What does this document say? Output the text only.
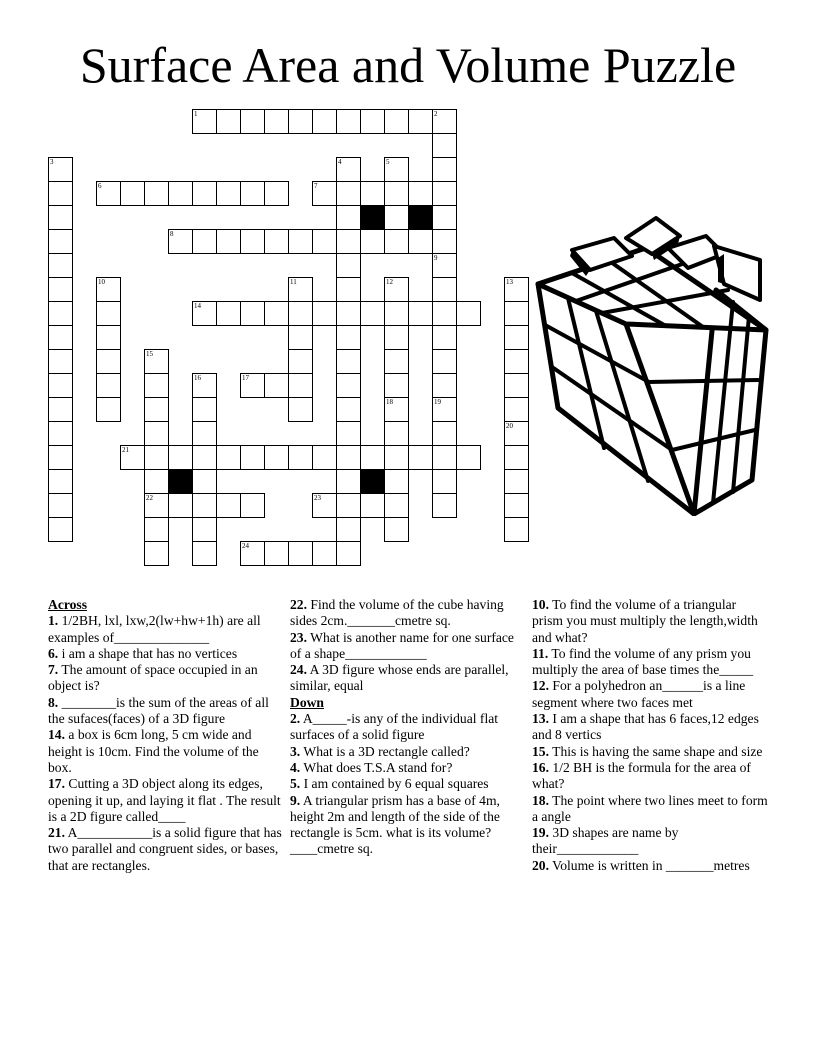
Surface Area and Volume Puzzle
1	2
3	4	5
6	7
8
9
19
10	11	12
18
13
14
15
22
16	17
20
21
23
24
Across
1. 1/2BH, lxl, lxw,2(lw+hw+1h) are all examples of______________
6. i am a shape that has no vertices
7. The amount of space occupied in an object is?
8. ________is the sum of the areas of all the sufaces(faces) of a 3D figure
14. a box is 6cm long, 5 cm wide and height is 10cm. Find the volume of the box.
17. Cutting a 3D object along its edges, opening it up, and laying it flat . The result is a 2D figure called____
21. A___________is a solid figure that has two parallel and congruent sides, or bases, that are rectangles.
22. Find the volume of the cube having sides 2cm._______cmetre sq.
23. What is another name for one surface of a shape____________
24. A 3D figure whose ends are parallel, similar, equal
Down
2. A_____-is any of the individual flat surfaces of a solid figure
3. What is a 3D rectangle called?
4. What does T.S.A stand for?
5. I am contained by 6 equal squares
9. A triangular prism has a base of 4m, height 2m and length of the side of the rectangle is 5cm. what is its volume?____cmetre sq.
10. To find the volume of a triangular prism you must multiply the length,width and what?
11. To find the volume of any prism you multiply the area of base times the_____
12. For a polyhedron an______is a line segment where two faces met
13. I am a shape that has 6 faces,12 edges and 8 vertics
15. This is having the same shape and size
16. 1/2 BH is the formula for the area of what?
18. The point where two lines meet to form a angle
19. 3D shapes are name by their____________
20. Volume is written in _______metres
